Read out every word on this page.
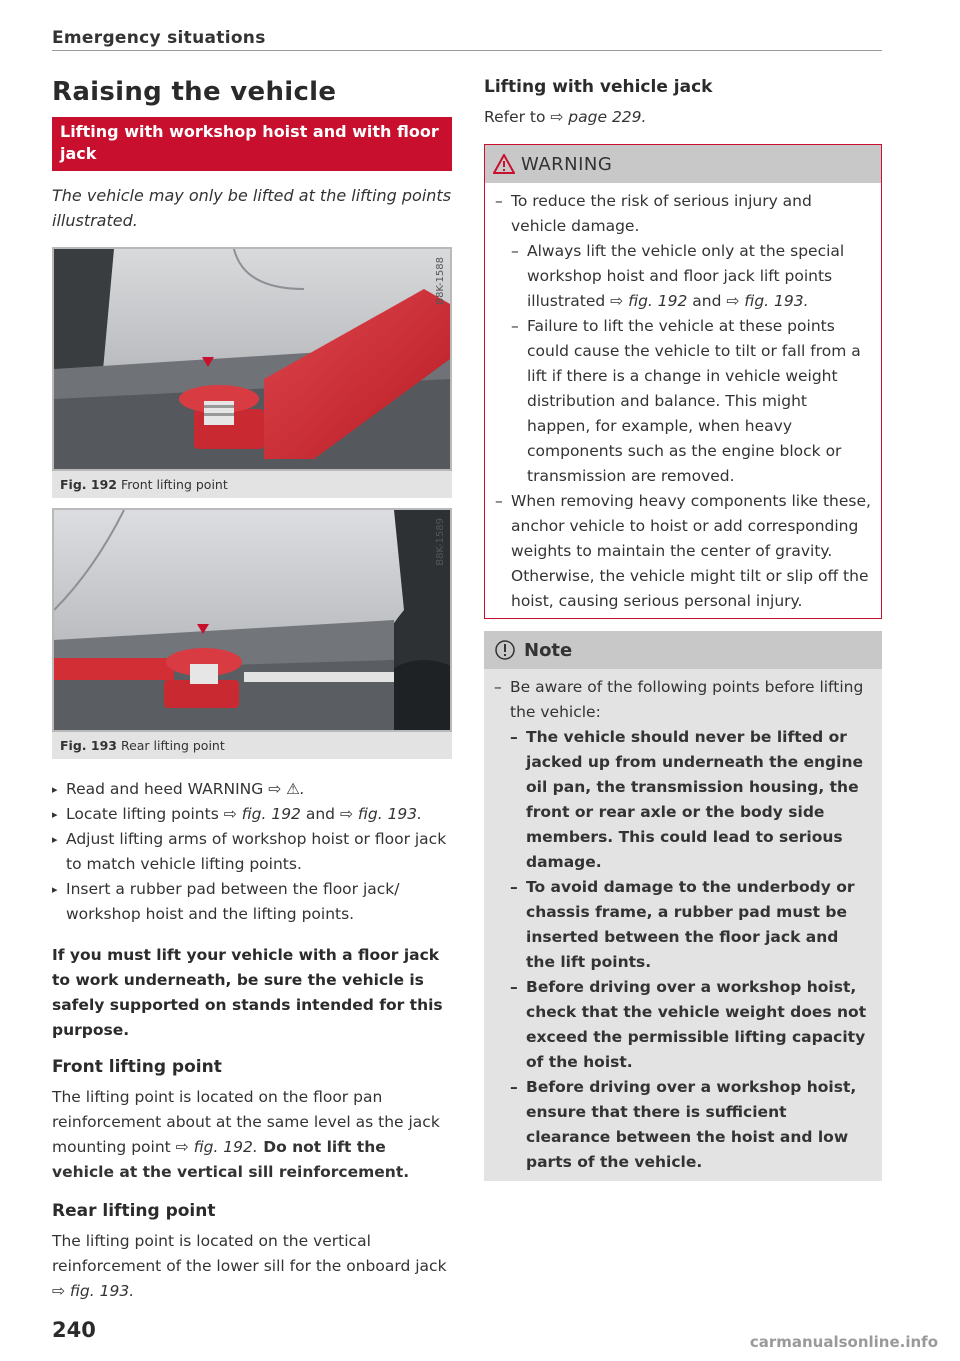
Emergency situations
Raising the vehicle
Lifting with workshop hoist and with floor jack

The vehicle may only be lifted at the lifting points illustrated.

B8K-1588
Fig. 192 Front lifting point
B8K-1589
Fig. 193 Rear lifting point
▸ Read and heed WARNING ⇨ ⚠.
▸ Locate lifting points ⇨ fig. 192 and ⇨ fig. 193.
▸ Adjust lifting arms of workshop hoist or floor jack to match vehicle lifting points.
▸ Insert a rubber pad between the floor jack/ workshop hoist and the lifting points.

If you must lift your vehicle with a floor jack to work underneath, be sure the vehicle is safely supported on stands intended for this purpose.

Front lifting point

The lifting point is located on the floor pan reinforcement about at the same level as the jack mounting point ⇨ fig. 192. Do not lift the vehicle at the vertical sill reinforcement.

Rear lifting point

The lifting point is located on the vertical reinforcement of the lower sill for the onboard jack ⇨ fig. 193.

Lifting with vehicle jack

Refer to ⇨ page 229.

WARNING
– To reduce the risk of serious injury and vehicle damage.
– Always lift the vehicle only at the special workshop hoist and floor jack lift points illustrated ⇨ fig. 192 and ⇨ fig. 193.
– Failure to lift the vehicle at these points could cause the vehicle to tilt or fall from a lift if there is a change in vehicle weight distribution and balance. This might happen, for example, when heavy components such as the engine block or transmission are removed.
– When removing heavy components like these, anchor vehicle to hoist or add corresponding weights to maintain the center of gravity. Otherwise, the vehicle might tilt or slip off the hoist, causing serious personal injury.
Note
– Be aware of the following points before lifting the vehicle:
– The vehicle should never be lifted or jacked up from underneath the engine oil pan, the transmission housing, the front or rear axle or the body side members. This could lead to serious damage.
– To avoid damage to the underbody or chassis frame, a rubber pad must be inserted between the floor jack and the lift points.
– Before driving over a workshop hoist, check that the vehicle weight does not exceed the permissible lifting capacity of the hoist.
– Before driving over a workshop hoist, ensure that there is sufficient clearance between the hoist and low parts of the vehicle.
240	carmanualsonline.info
